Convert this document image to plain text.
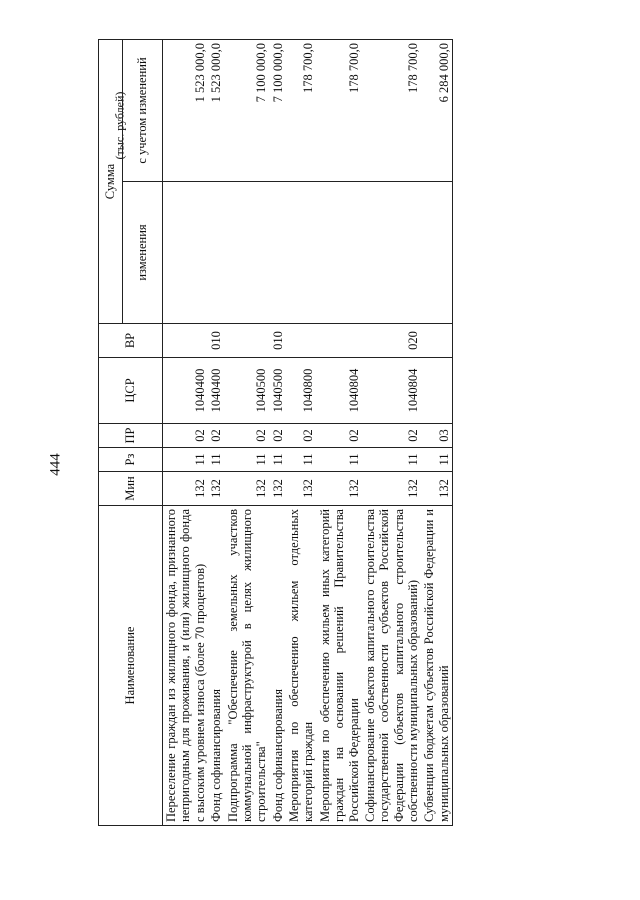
444
(тыс. рублей)
Наименование	Мин	Рз	ПР	ЦСР	ВР	Сумма	
						изменения	с учетом изменений
Переселение граждан из жилищного фонда, признанного непригодным для проживания, и (или) жилищного фонда с высоким уровнем износа (более 70 процентов)	132	11	02	1040400			1 523 000,0
Фонд софинансирования	132	11	02	1040400	010		1 523 000,0
Подпрограмма "Обеспечение земельных участков коммунальной инфраструктурой в целях жилищного строительства"	132	11	02	1040500			7 100 000,0
Фонд софинансирования	132	11	02	1040500	010		7 100 000,0
Мероприятия по обеспечению жильем отдельных категорий граждан	132	11	02	1040800			178 700,0
Мероприятия по обеспечению жильем иных категорий граждан на основании решений Правительства Российской Федерации	132	11	02	1040804			178 700,0
Софинансирование объектов капитального строительства государственной собственности субъектов Российской Федерации (объектов капитального строительства собственности муниципальных образований)	132	11	02	1040804	020		178 700,0
Субвенции бюджетам субъектов Российской Федерации и муниципальных образований	132	11	03				6 284 000,0
